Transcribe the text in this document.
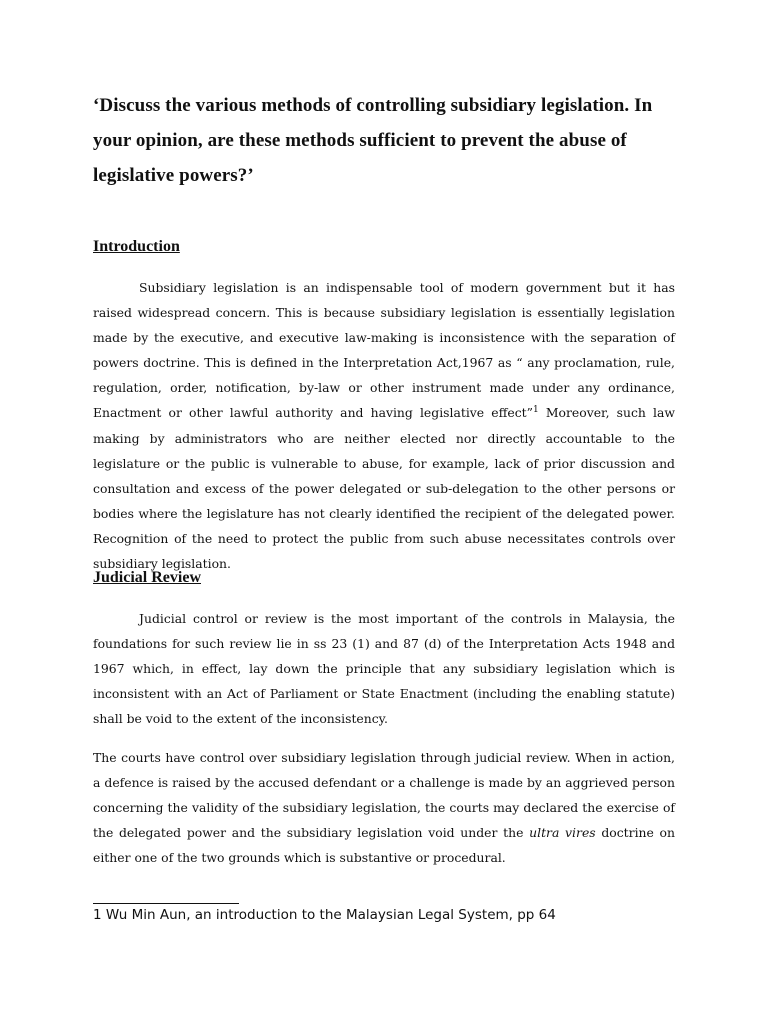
‘Discuss the various methods of controlling subsidiary legislation. In your opinion, are these methods sufficient to prevent the abuse of legislative powers?’

Introduction

Subsidiary legislation is an indispensable tool of modern government but it has raised widespread concern. This is because subsidiary legislation is essentially legislation made by the executive, and executive law-making is inconsistence with the separation of powers doctrine. This is defined in the Interpretation Act,1967 as “ any proclamation, rule, regulation, order, notification, by-law or other instrument made under any ordinance, Enactment or other lawful authority and having legislative effect”$^1$ Moreover, such law making by administrators who are neither elected nor directly accountable to the legislature or the public is vulnerable to abuse, for example, lack of prior discussion and consultation and excess of the power delegated or sub-delegation to the other persons or bodies where the legislature has not clearly identified the recipient of the delegated power. Recognition of the need to protect the public from such abuse necessitates controls over subsidiary legislation.

Judicial Review

Judicial control or review is the most important of the controls in Malaysia, the foundations for such review lie in ss 23 (1) and 87 (d) of the Interpretation Acts 1948 and 1967 which, in effect, lay down the principle that any subsidiary legislation which is inconsistent with an Act of Parliament or State Enactment (including the enabling statute) shall be void to the extent of the inconsistency.

The courts have control over subsidiary legislation through judicial review. When in action, a defence is raised by the accused defendant or a challenge is made by an aggrieved person concerning the validity of the subsidiary legislation, the courts may declared the exercise of the delegated power and the subsidiary legislation void under the ultra vires doctrine on either one of the two grounds which is substantive or procedural.

1 Wu Min Aun, an introduction to the Malaysian Legal System, pp 64
